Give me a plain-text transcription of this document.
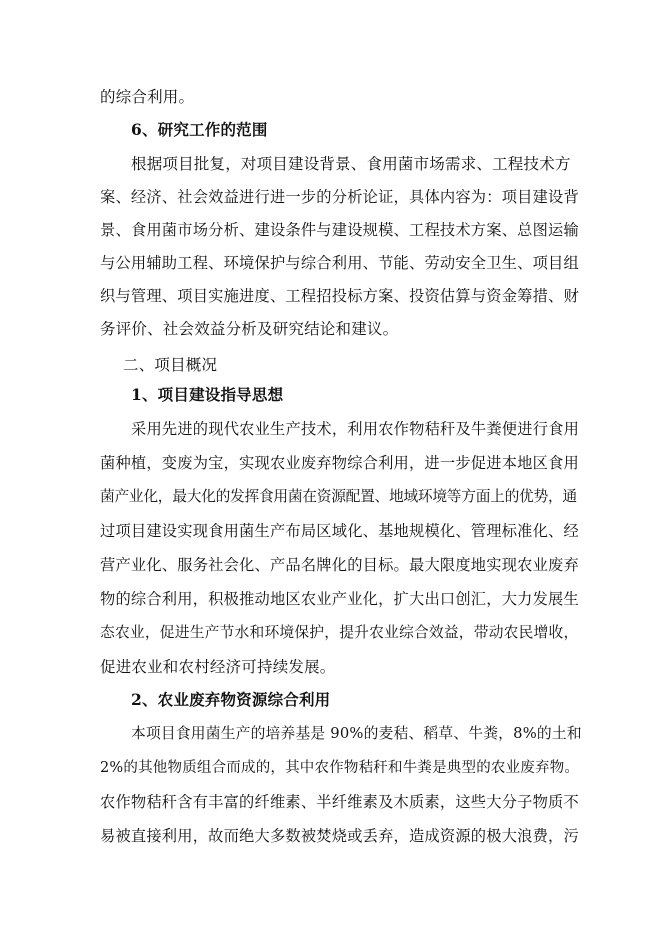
的综合利用。
6、研究工作的范围
根据项目批复，对项目建设背景、食用菌市场需求、工程技术方
案、经济、社会效益进行进一步的分析论证，具体内容为：项目建设背
景、食用菌市场分析、建设条件与建设规模、工程技术方案、总图运输
与公用辅助工程、环境保护与综合利用、节能、劳动安全卫生、项目组
织与管理、项目实施进度、工程招投标方案、投资估算与资金筹措、财
务评价、社会效益分析及研究结论和建议。
二、项目概况
1、项目建设指导思想
采用先进的现代农业生产技术，利用农作物秸秆及牛粪便进行食用
菌种植，变废为宝，实现农业废弃物综合利用，进一步促进本地区食用
菌产业化，最大化的发挥食用菌在资源配置、地域环境等方面上的优势，通
过项目建设实现食用菌生产布局区域化、基地规模化、管理标准化、经
营产业化、服务社会化、产品名牌化的目标。最大限度地实现农业废弃
物的综合利用，积极推动地区农业产业化，扩大出口创汇，大力发展生
态农业，促进生产节水和环境保护，提升农业综合效益，带动农民增收，
促进农业和农村经济可持续发展。
2、农业废弃物资源综合利用
本项目食用菌生产的培养基是 90%的麦秸、稻草、牛粪，8%的土和
2%的其他物质组合而成的，其中农作物秸秆和牛粪是典型的农业废弃物。
农作物秸秆含有丰富的纤维素、半纤维素及木质素，这些大分子物质不
易被直接利用，故而绝大多数被焚烧或丢弃，造成资源的极大浪费，污
